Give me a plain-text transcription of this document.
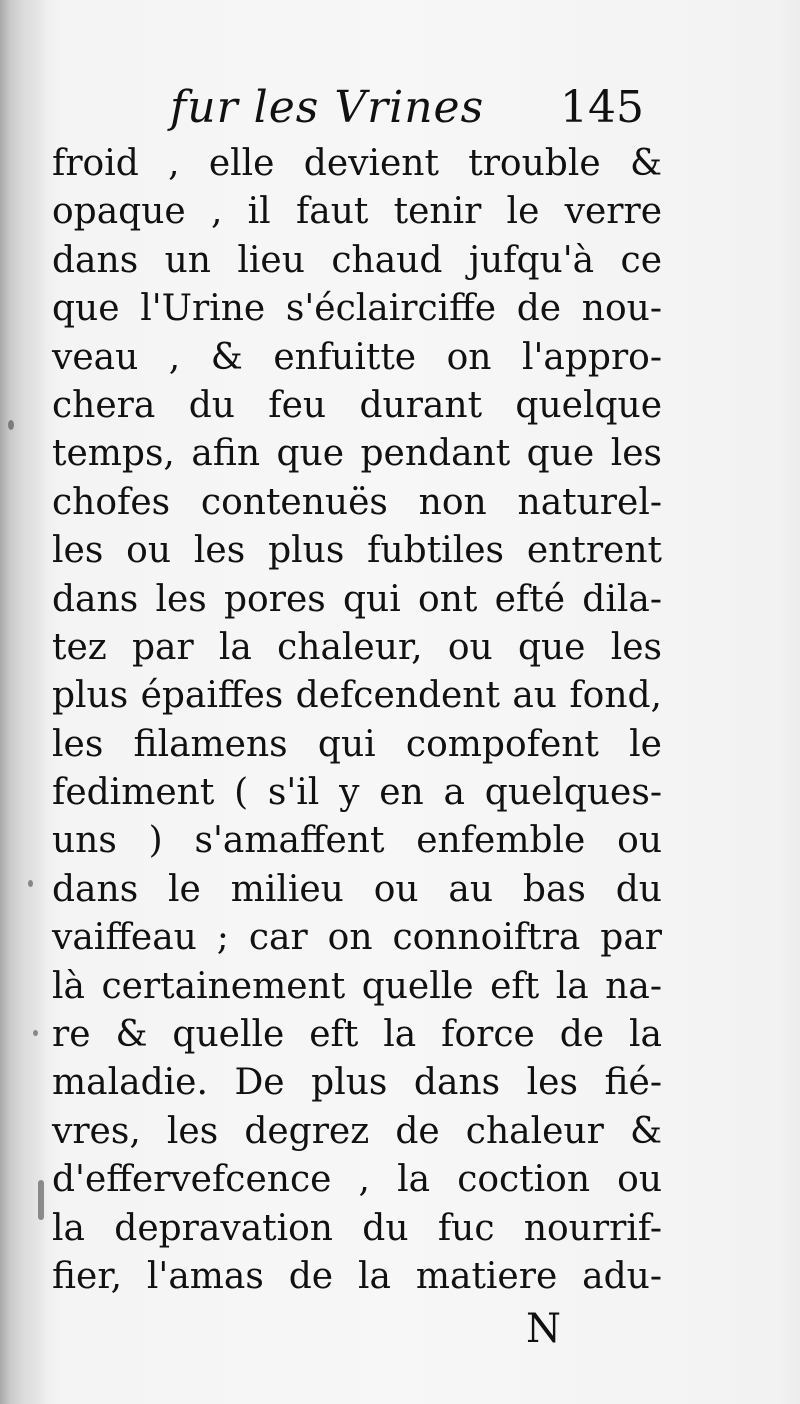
fur les Vrines 145
froid , elle devient trouble &
opaque , il faut tenir le verre
dans un lieu chaud jufqu'à ce
que l'Urine s'éclairciffe de nou-
veau , & enfuitte on l'appro-
chera du feu durant quelque
temps, afin que pendant que les
chofes contenuës non naturel-
les ou les plus fubtiles entrent
dans les pores qui ont efté dila-
tez par la chaleur, ou que les
plus épaiffes defcendent au fond,
les filamens qui compofent le
fediment ( s'il y en a quelques-
uns ) s'amaffent enfemble ou
dans le milieu ou au bas du
vaiffeau ; car on connoiftra par
là certainement quelle eft la na-
re & quelle eft la force de la
maladie. De plus dans les fié-
vres, les degrez de chaleur &
d'effervefcence , la coction ou
la depravation du fuc nourrif-
fier, l'amas de la matiere adu-
N
